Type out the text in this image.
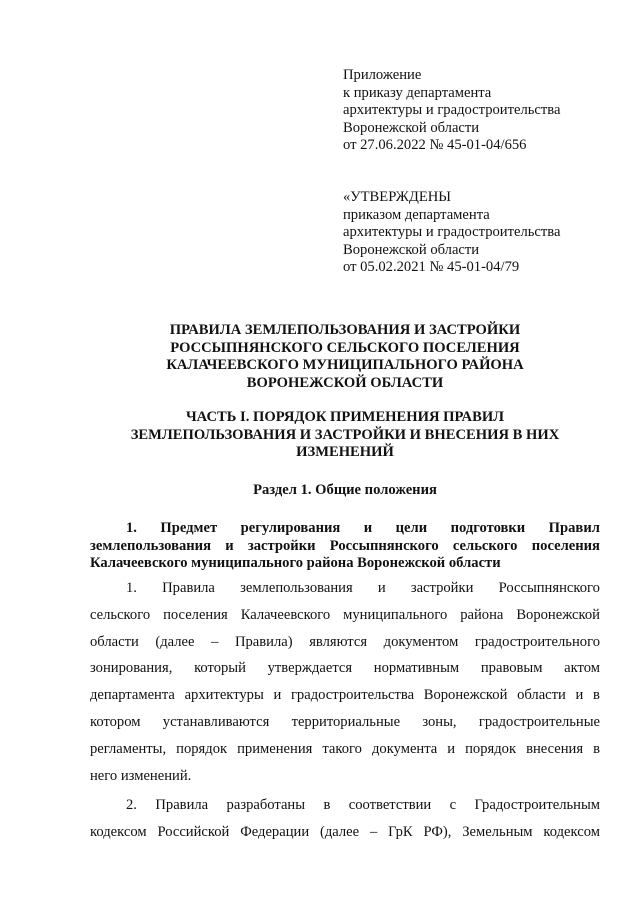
Приложение
к приказу департамента
архитектуры и градостроительства
Воронежской области
от 27.06.2022 № 45-01-04/656
«УТВЕРЖДЕНЫ
приказом департамента
архитектуры и градостроительства
Воронежской области
от 05.02.2021 № 45-01-04/79
ПРАВИЛА ЗЕМЛЕПОЛЬЗОВАНИЯ И ЗАСТРОЙКИ
РОССЫПНЯНСКОГО СЕЛЬСКОГО ПОСЕЛЕНИЯ
КАЛАЧЕЕВСКОГО МУНИЦИПАЛЬНОГО РАЙОНА
ВОРОНЕЖСКОЙ ОБЛАСТИ
ЧАСТЬ I. ПОРЯДОК ПРИМЕНЕНИЯ ПРАВИЛ
ЗЕМЛЕПОЛЬЗОВАНИЯ И ЗАСТРОЙКИ И ВНЕСЕНИЯ В НИХ
ИЗМЕНЕНИЙ
Раздел 1. Общие положения
1. Предмет регулирования и цели подготовки Правил
землепользования и застройки Россыпнянского сельского поселения
Калачеевского муниципального района Воронежской области
1. Правила землепользования и застройки Россыпнянского
сельского поселения Калачеевского муниципального района Воронежской
области (далее – Правила) являются документом градостроительного
зонирования, который утверждается нормативным правовым актом
департамента архитектуры и градостроительства Воронежской области и в
котором устанавливаются территориальные зоны, градостроительные
регламенты, порядок применения такого документа и порядок внесения в
него изменений.
2. Правила разработаны в соответствии с Градостроительным
кодексом Российской Федерации (далее – ГрК РФ), Земельным кодексом
